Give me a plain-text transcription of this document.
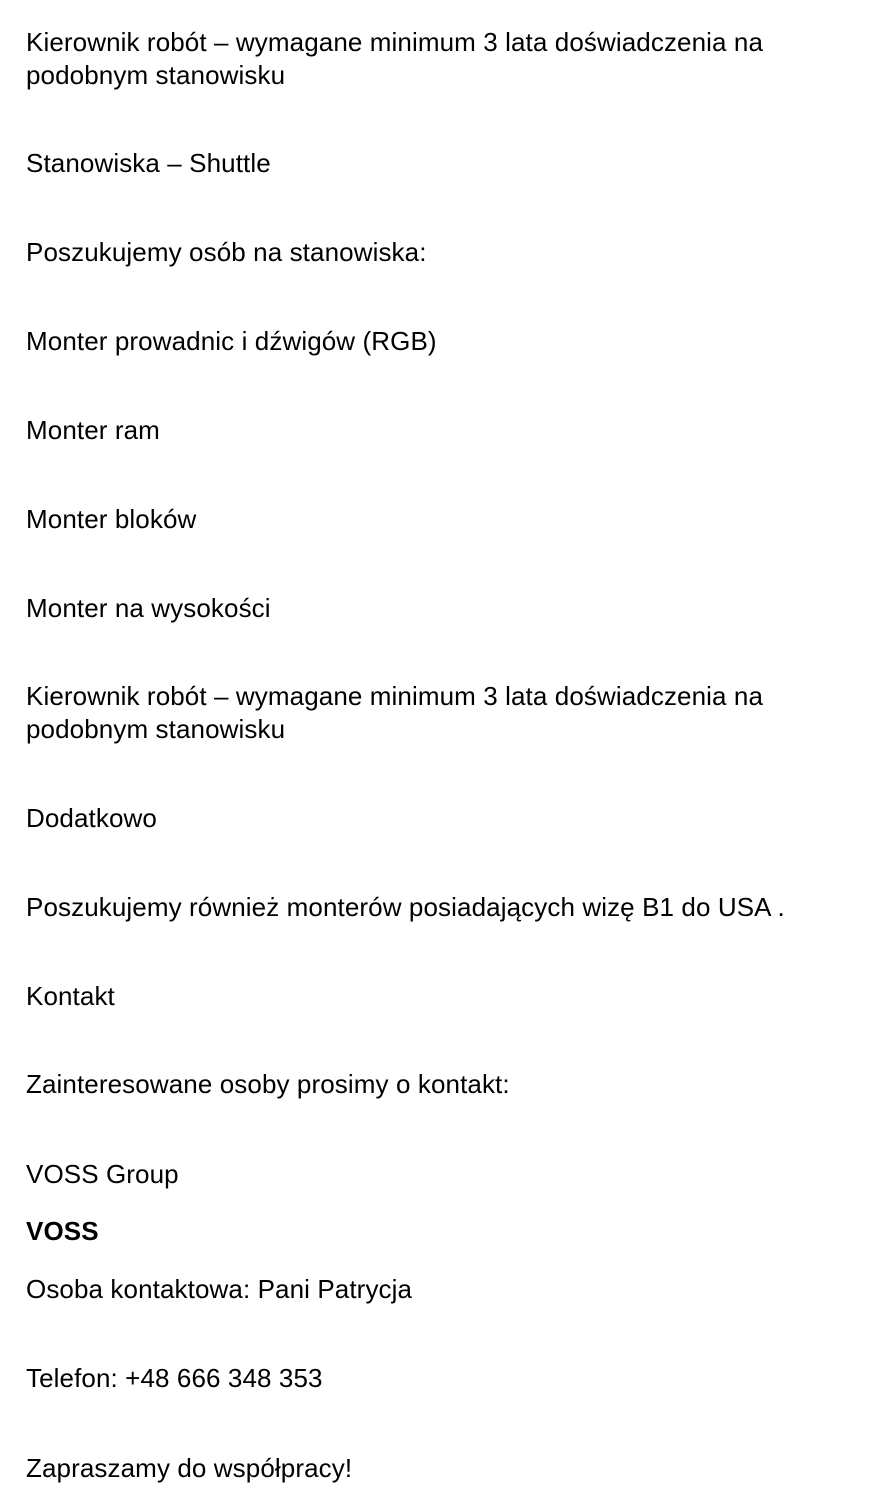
Kierownik robót – wymagane minimum 3 lata doświadczenia na podobnym stanowisku

Stanowiska – Shuttle

Poszukujemy osób na stanowiska:

Monter prowadnic i dźwigów (RGB)

Monter ram

Monter bloków

Monter na wysokości

Kierownik robót – wymagane minimum 3 lata doświadczenia na podobnym stanowisku

Dodatkowo

Poszukujemy również monterów posiadających wizę B1 do USA .

Kontakt

Zainteresowane osoby prosimy o kontakt:

VOSS Group

VOSS

Osoba kontaktowa: Pani Patrycja

Telefon: +48 666 348 353

Zapraszamy do współpracy!
